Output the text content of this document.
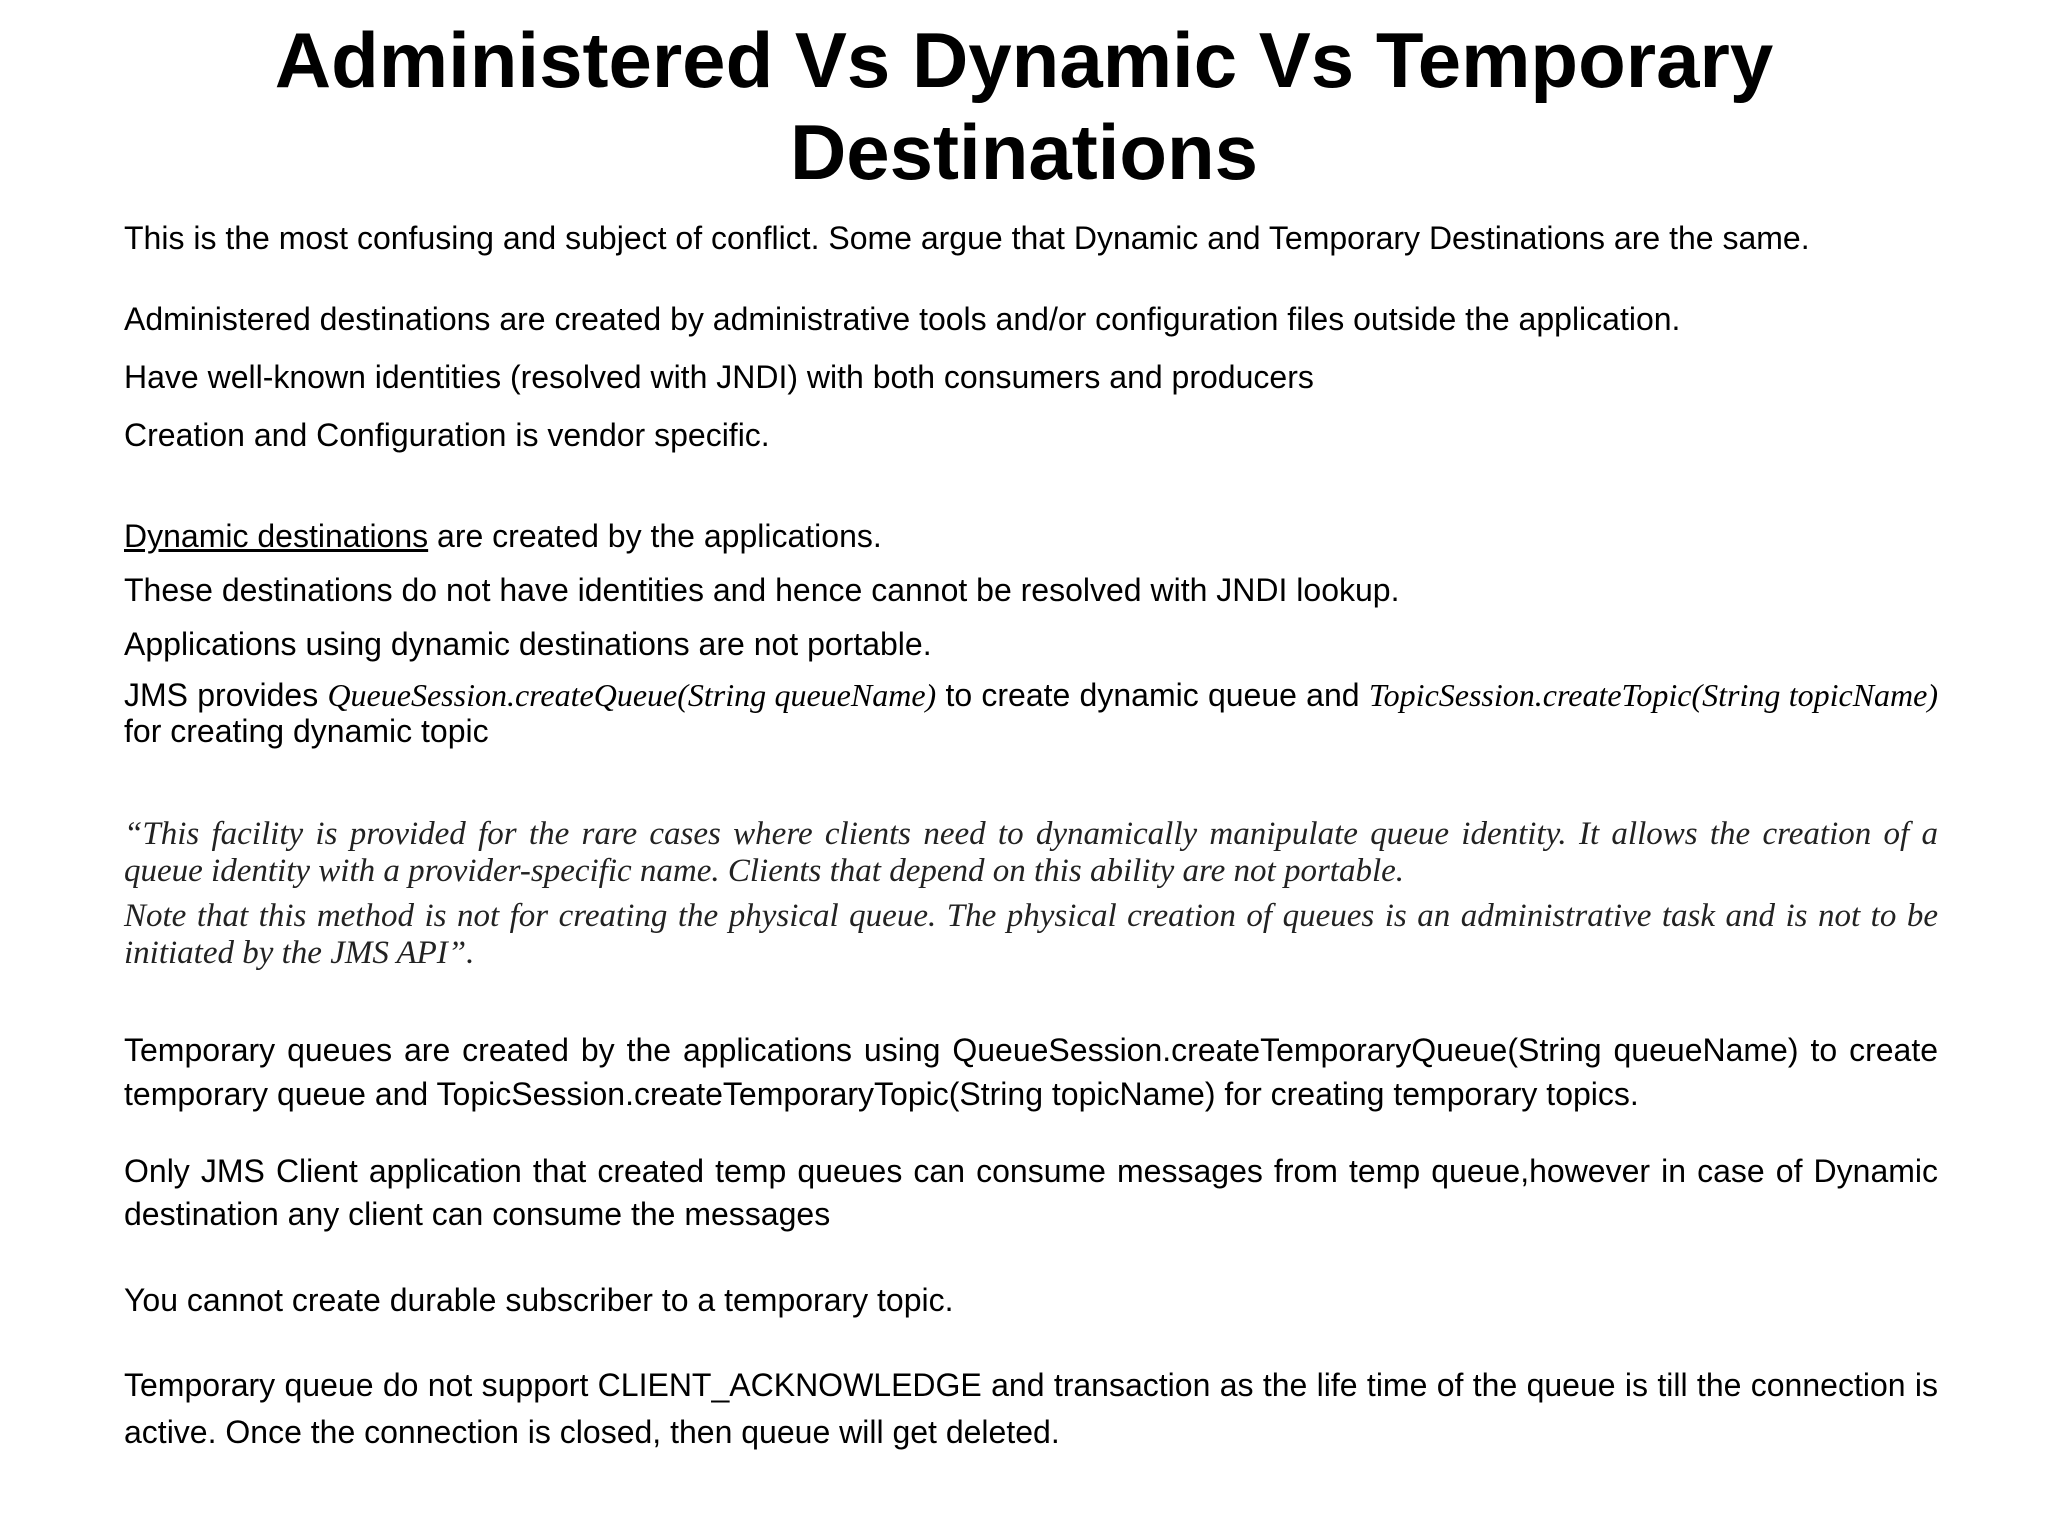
Administered Vs Dynamic Vs Temporary Destinations

This is the most confusing and subject of conflict. Some argue that Dynamic and Temporary Destinations are the same.

Administered destinations are created by administrative tools and/or configuration files outside the application.

Have well-known identities (resolved with JNDI) with both consumers and producers

Creation and Configuration is vendor specific.

Dynamic destinations are created by the applications.

These destinations do not have identities and hence cannot be resolved with JNDI lookup.

Applications using dynamic destinations are not portable.

JMS provides QueueSession.createQueue(String queueName) to create dynamic queue and TopicSession.createTopic(String topicName) for creating dynamic topic

“This facility is provided for the rare cases where clients need to dynamically manipulate queue identity. It allows the creation of a queue identity with a provider-specific name. Clients that depend on this ability are not portable.

Note that this method is not for creating the physical queue. The physical creation of queues is an administrative task and is not to be initiated by the JMS API”.

Temporary queues are created by the applications using QueueSession.createTemporaryQueue(String queueName) to create temporary queue and TopicSession.createTemporaryTopic(String topicName) for creating temporary topics.

Only JMS Client application that created temp queues can consume messages from temp queue,however in case of Dynamic destination any client can consume the messages

You cannot create durable subscriber to a temporary topic.

Temporary queue do not support CLIENT_ACKNOWLEDGE and transaction as the life time of the queue is till the connection is active. Once the connection is closed, then queue will get deleted.
